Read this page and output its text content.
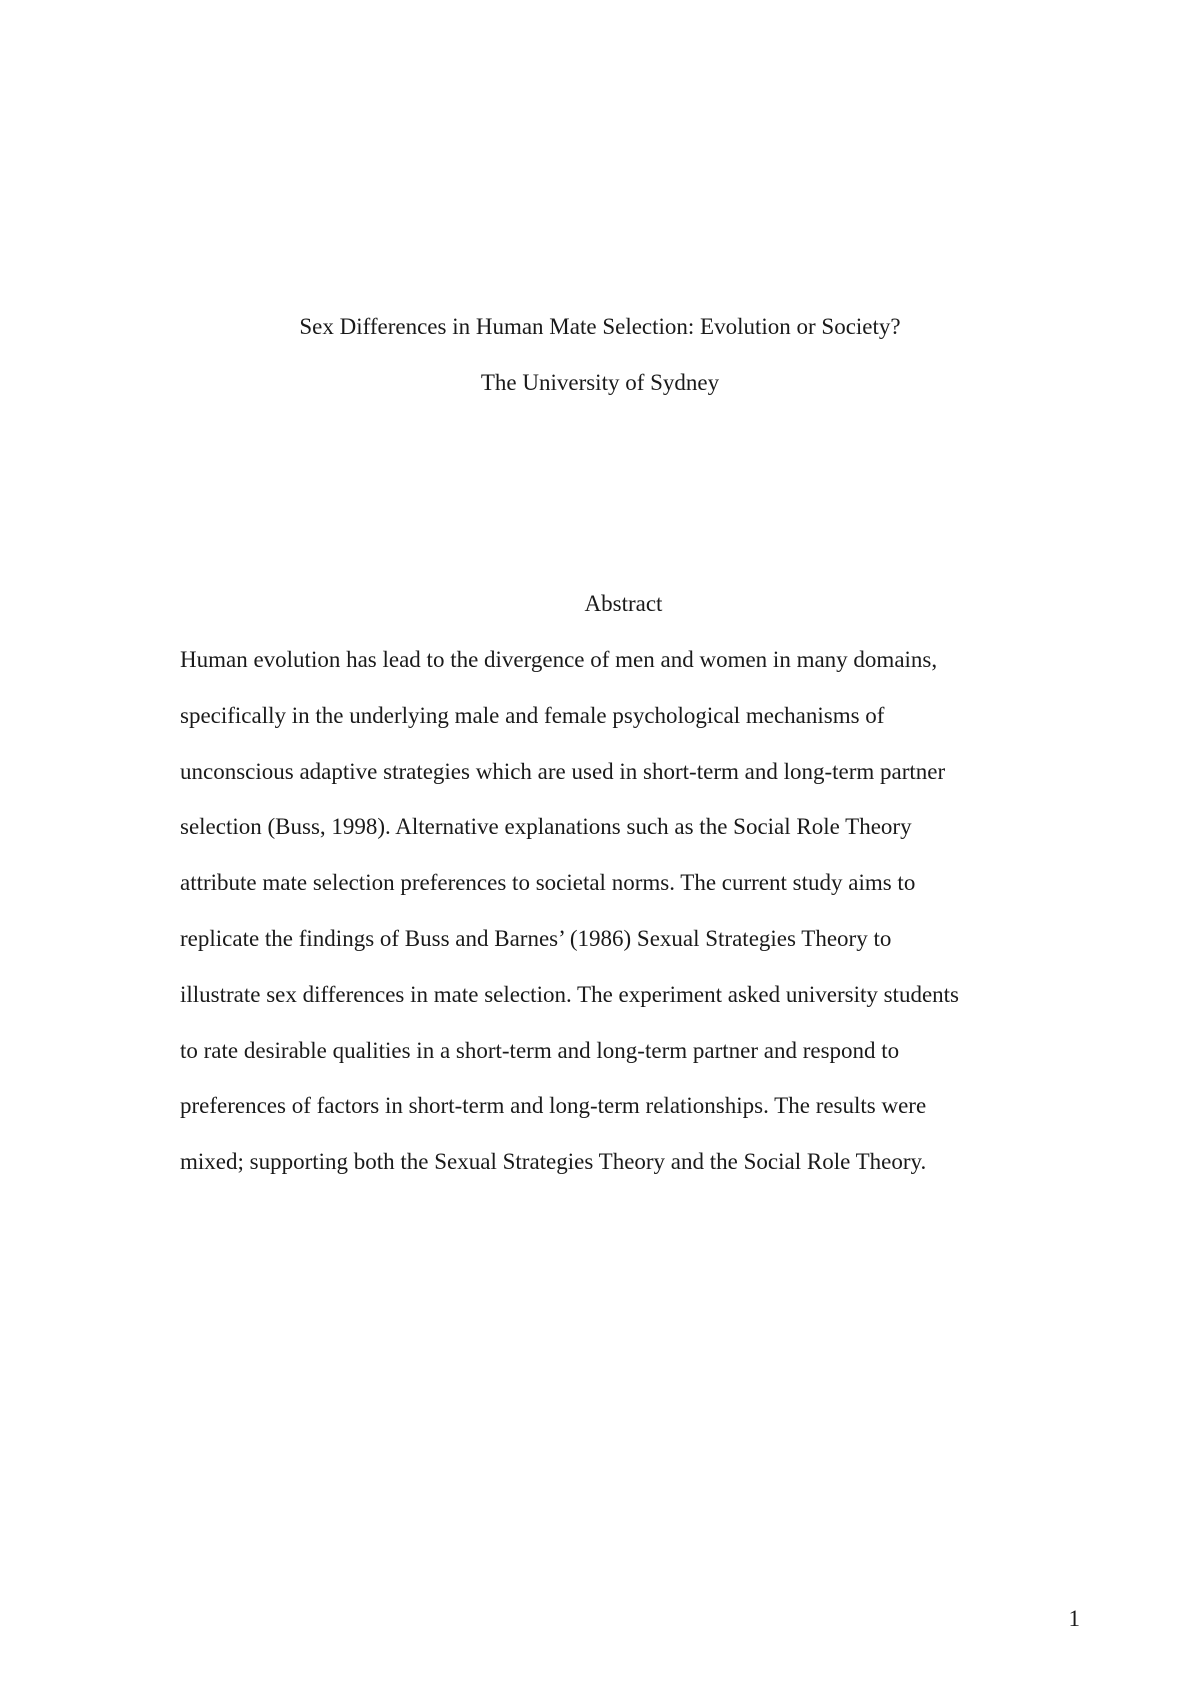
Sex Differences in Human Mate Selection: Evolution or Society?
The University of Sydney
Abstract

Human evolution has lead to the divergence of men and women in many domains,
specifically in the underlying male and female psychological mechanisms of
unconscious adaptive strategies which are used in short-term and long-term partner
selection (Buss, 1998). Alternative explanations such as the Social Role Theory
attribute mate selection preferences to societal norms. The current study aims to
replicate the findings of Buss and Barnes’ (1986) Sexual Strategies Theory to
illustrate sex differences in mate selection. The experiment asked university students
to rate desirable qualities in a short-term and long-term partner and respond to
preferences of factors in short-term and long-term relationships. The results were
mixed; supporting both the Sexual Strategies Theory and the Social Role Theory.

1
